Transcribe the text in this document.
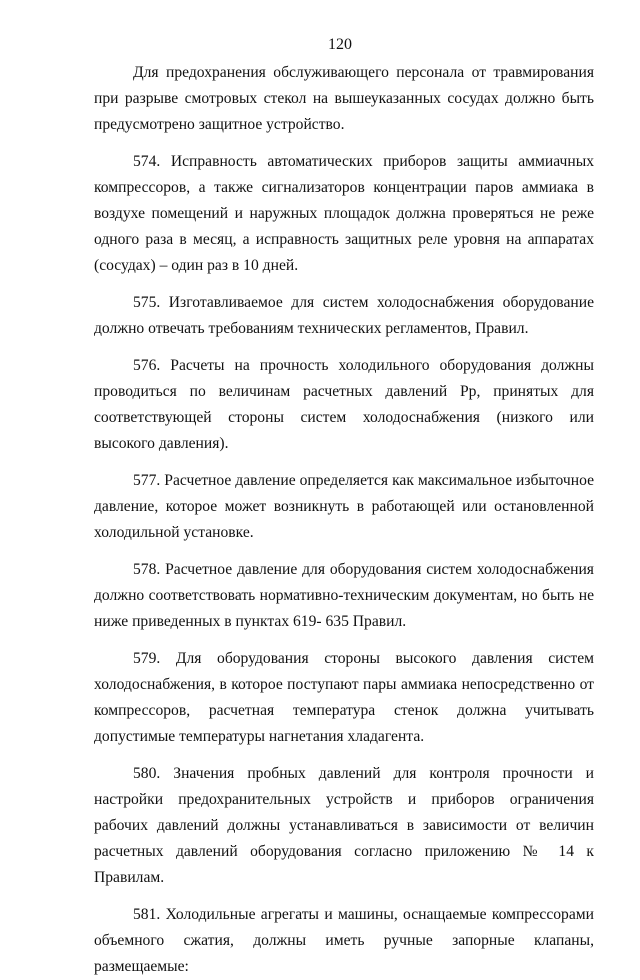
120

Для предохранения обслуживающего персонала от травмирования при разрыве смотровых стекол на вышеуказанных сосудах должно быть предусмотрено защитное устройство.

574. Исправность автоматических приборов защиты аммиачных компрессоров, а также сигнализаторов концентрации паров аммиака в воздухе помещений и наружных площадок должна проверяться не реже одного раза в месяц, а исправность защитных реле уровня на аппаратах (сосудах) – один раз в 10 дней.

575. Изготавливаемое для систем холодоснабжения оборудование должно отвечать требованиям технических регламентов, Правил.

576. Расчеты на прочность холодильного оборудования должны проводиться по величинам расчетных давлений Рр, принятых для соответствующей стороны систем холодоснабжения (низкого или высокого давления).

577. Расчетное давление определяется как максимальное избыточное давление, которое может возникнуть в работающей или остановленной холодильной установке.

578. Расчетное давление для оборудования систем холодоснабжения должно соответствовать нормативно-техническим документам, но быть не ниже приведенных в пунктах 619- 635 Правил.

579. Для оборудования стороны высокого давления систем холодоснабжения, в которое поступают пары аммиака непосредственно от компрессоров, расчетная температура стенок должна учитывать допустимые температуры нагнетания хладагента.

580. Значения пробных давлений для контроля прочности и настройки предохранительных устройств и приборов ограничения рабочих давлений должны устанавливаться в зависимости от величин расчетных давлений оборудования согласно приложению № 14 к Правилам.

581. Холодильные агрегаты и машины, оснащаемые компрессорами объемного сжатия, должны иметь ручные запорные клапаны, размещаемые:
